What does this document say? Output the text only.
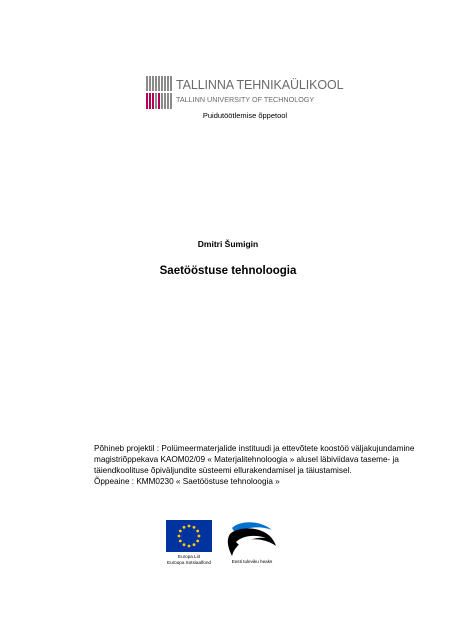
TALLINNA TEHNIKAÜLIKOOL
TALLINN UNIVERSITY OF TECHNOLOGY
Puidutöötlemise õppetool
Dmitri Šumigin
Saetööstuse tehnoloogia

Põhineb projektil : Polümeermaterjalide instituudi ja ettevõtete koostöö väljakujundamine

magistriõppekava KAOM02/09 « Materjalitehnoloogia » alusel läbiviidava taseme- ja

täiendkoolituse õpiväljundite süsteemi ellurakendamisel ja täiustamisel.

Õppeaine : KMM0230 « Saetööstuse tehnoloogia »

Europa Liit
Euroopa Sotsiaalfond	Eesti tuleviku heaks
